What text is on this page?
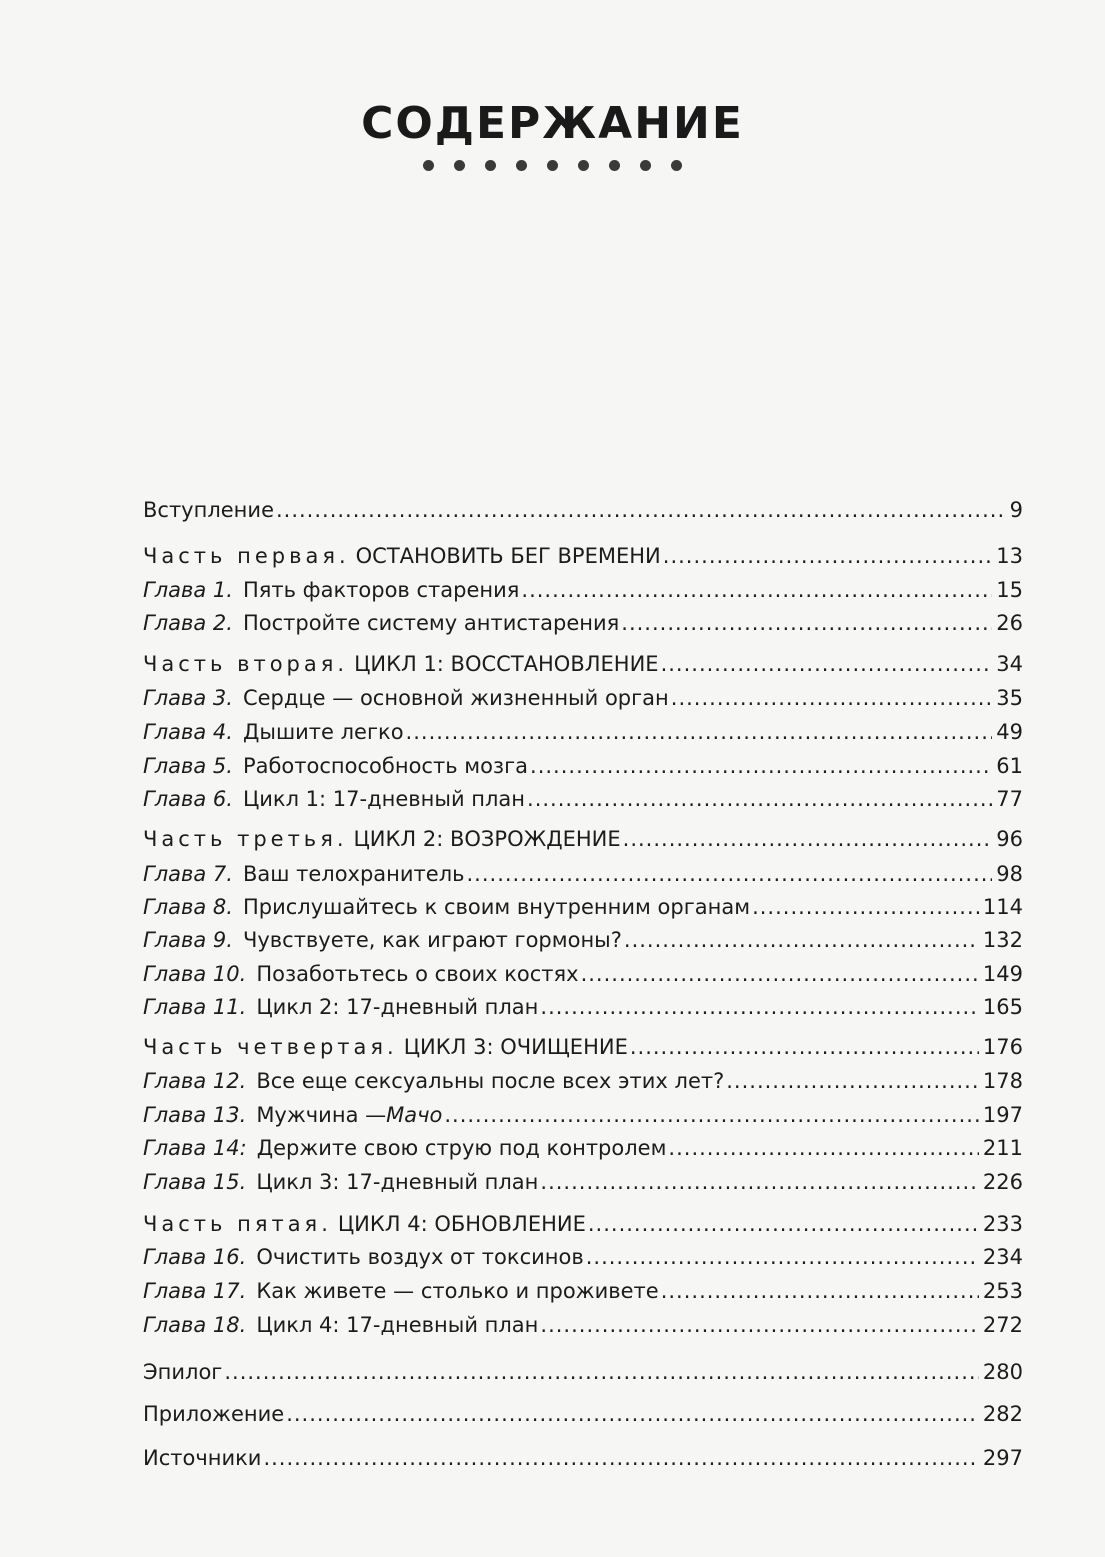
СОДЕРЖАНИЕ
Вступление .....	9
Часть первая. ОСТАНОВИТЬ БЕГ ВРЕМЕНИ .....	13
Глава 1. Пять факторов старения .....	15
Глава 2. Постройте систему антистарения .....	26
Часть вторая. ЦИКЛ 1: ВОССТАНОВЛЕНИЕ .....	34
Глава 3. Сердце — основной жизненный орган .....	35
Глава 4. Дышите легко .....	49
Глава 5. Работоспособность мозга .....	61
Глава 6. Цикл 1: 17-дневный план .....	77
Часть третья. ЦИКЛ 2: ВОЗРОЖДЕНИЕ .....	96
Глава 7. Ваш телохранитель .....	98
Глава 8. Прислушайтесь к своим внутренним органам .....	114
Глава 9. Чувствуете, как играют гормоны? .....	132
Глава 10. Позаботьтесь о своих костях .....	149
Глава 11. Цикл 2: 17-дневный план .....	165
Часть четвертая. ЦИКЛ 3: ОЧИЩЕНИЕ .....	176
Глава 12. Все еще сексуальны после всех этих лет? .....	178
Глава 13. Мужчина — Мачо .....	197
Глава 14: Держите свою струю под контролем .....	211
Глава 15. Цикл 3: 17-дневный план .....	226
Часть пятая. ЦИКЛ 4: ОБНОВЛЕНИЕ .....	233
Глава 16. Очистить воздух от токсинов .....	234
Глава 17. Как живете — столько и проживете .....	253
Глава 18. Цикл 4: 17-дневный план .....	272
Эпилог .....	280
Приложение .....	282
Источники .....	297
